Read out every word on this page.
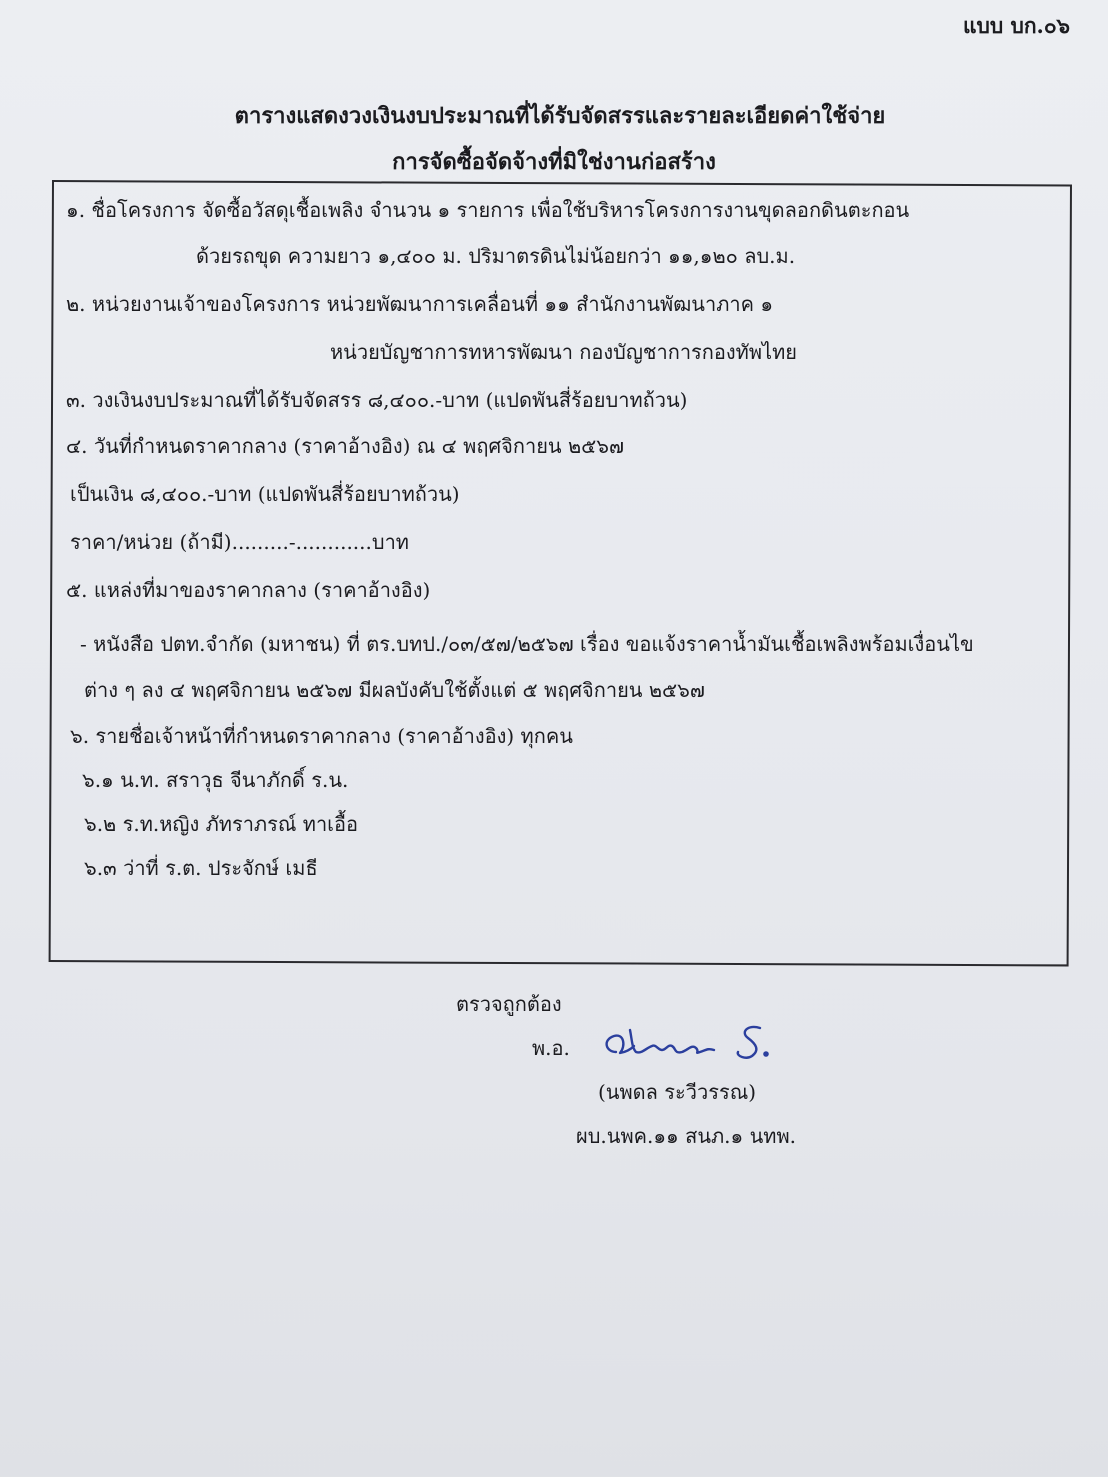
แบบ บก.๐๖
ตารางแสดงวงเงินงบประมาณที่ได้รับจัดสรรและรายละเอียดค่าใช้จ่าย
การจัดซื้อจัดจ้างที่มิใช่งานก่อสร้าง
๑. ชื่อโครงการ จัดซื้อวัสดุเชื้อเพลิง จำนวน ๑ รายการ เพื่อใช้บริหารโครงการงานขุดลอกดินตะกอน
ด้วยรถขุด ความยาว ๑,๔๐๐ ม. ปริมาตรดินไม่น้อยกว่า ๑๑,๑๒๐ ลบ.ม.
๒. หน่วยงานเจ้าของโครงการ หน่วยพัฒนาการเคลื่อนที่ ๑๑ สำนักงานพัฒนาภาค ๑
หน่วยบัญชาการทหารพัฒนา กองบัญชาการกองทัพไทย
๓. วงเงินงบประมาณที่ได้รับจัดสรร ๘,๔๐๐.-บาท (แปดพันสี่ร้อยบาทถ้วน)
๔. วันที่กำหนดราคากลาง (ราคาอ้างอิง) ณ ๔ พฤศจิกายน ๒๕๖๗
เป็นเงิน ๘,๔๐๐.-บาท (แปดพันสี่ร้อยบาทถ้วน)
ราคา/หน่วย (ถ้ามี).........-............บาท
๕. แหล่งที่มาของราคากลาง (ราคาอ้างอิง)
- หนังสือ ปตท.จำกัด (มหาชน) ที่ ตร.บทป./๐๓/๕๗/๒๕๖๗ เรื่อง ขอแจ้งราคาน้ำมันเชื้อเพลิงพร้อมเงื่อนไข
ต่าง ๆ ลง ๔ พฤศจิกายน ๒๕๖๗ มีผลบังคับใช้ตั้งแต่ ๕ พฤศจิกายน ๒๕๖๗
๖. รายชื่อเจ้าหน้าที่กำหนดราคากลาง (ราคาอ้างอิง) ทุกคน
๖.๑ น.ท. สราวุธ จีนาภักดิ์ ร.น.
๖.๒ ร.ท.หญิง ภัทราภรณ์ ทาเอื้อ
๖.๓ ว่าที่ ร.ต. ประจักษ์ เมธี
ตรวจถูกต้อง
พ.อ.
(นพดล ระวีวรรณ)
ผบ.นพค.๑๑ สนภ.๑ นทพ.
